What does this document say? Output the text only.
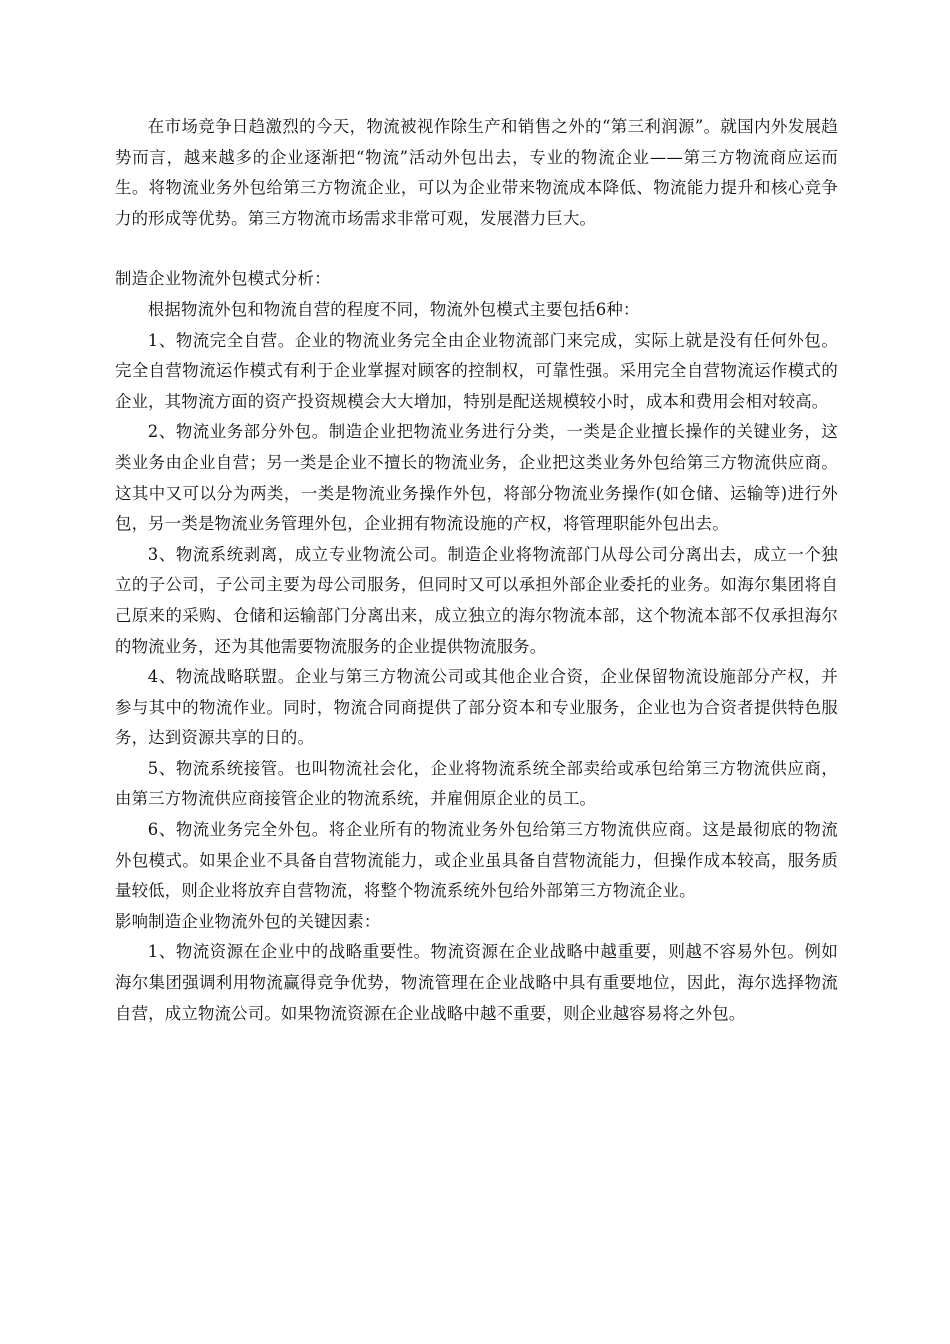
在市场竞争日趋激烈的今天，物流被视作除生产和销售之外的“第三利润源”。就国内外发展趋势而言，越来越多的企业逐渐把“物流”活动外包出去，专业的物流企业——第三方物流商应运而生。将物流业务外包给第三方物流企业，可以为企业带来物流成本降低、物流能力提升和核心竞争力的形成等优势。第三方物流市场需求非常可观，发展潜力巨大。

制造企业物流外包模式分析：

根据物流外包和物流自营的程度不同，物流外包模式主要包括6种：

1、物流完全自营。企业的物流业务完全由企业物流部门来完成，实际上就是没有任何外包。完全自营物流运作模式有利于企业掌握对顾客的控制权，可靠性强。采用完全自营物流运作模式的企业，其物流方面的资产投资规模会大大增加，特别是配送规模较小时，成本和费用会相对较高。

2、物流业务部分外包。制造企业把物流业务进行分类，一类是企业擅长操作的关键业务，这类业务由企业自营；另一类是企业不擅长的物流业务，企业把这类业务外包给第三方物流供应商。这其中又可以分为两类，一类是物流业务操作外包，将部分物流业务操作(如仓储、运输等)进行外包，另一类是物流业务管理外包，企业拥有物流设施的产权，将管理职能外包出去。

3、物流系统剥离，成立专业物流公司。制造企业将物流部门从母公司分离出去，成立一个独立的子公司，子公司主要为母公司服务，但同时又可以承担外部企业委托的业务。如海尔集团将自己原来的采购、仓储和运输部门分离出来，成立独立的海尔物流本部，这个物流本部不仅承担海尔的物流业务，还为其他需要物流服务的企业提供物流服务。

4、物流战略联盟。企业与第三方物流公司或其他企业合资，企业保留物流设施部分产权，并参与其中的物流作业。同时，物流合同商提供了部分资本和专业服务，企业也为合资者提供特色服务，达到资源共享的日的。

5、物流系统接管。也叫物流社会化，企业将物流系统全部卖给或承包给第三方物流供应商，由第三方物流供应商接管企业的物流系统，并雇佣原企业的员工。

6、物流业务完全外包。将企业所有的物流业务外包给第三方物流供应商。这是最彻底的物流外包模式。如果企业不具备自营物流能力，或企业虽具备自营物流能力，但操作成本较高，服务质量较低，则企业将放弃自营物流，将整个物流系统外包给外部第三方物流企业。

影响制造企业物流外包的关键因素：

1、物流资源在企业中的战略重要性。物流资源在企业战略中越重要，则越不容易外包。例如海尔集团强调利用物流赢得竞争优势，物流管理在企业战略中具有重要地位，因此，海尔选择物流自营，成立物流公司。如果物流资源在企业战略中越不重要，则企业越容易将之外包。
